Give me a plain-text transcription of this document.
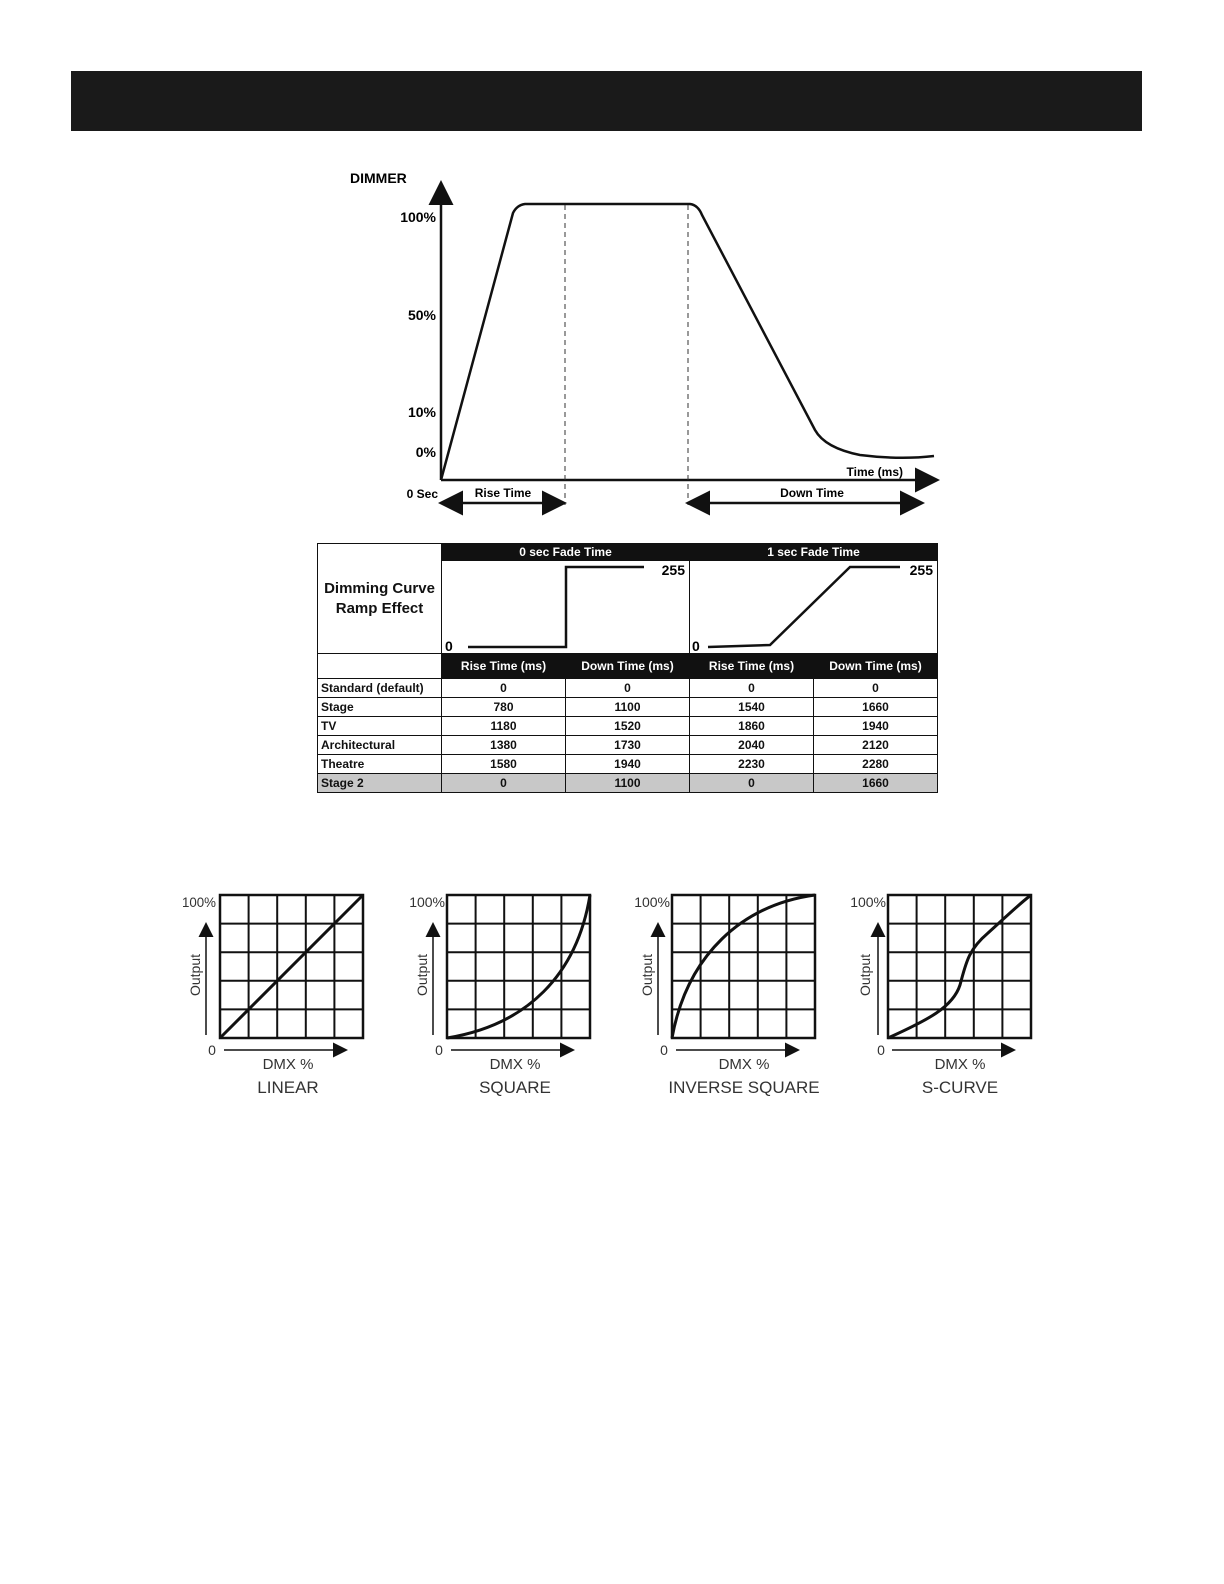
DIMMER
100%
50%
10%
0%
0 Sec
Time (ms)
Rise Time	Down Time
Dimming Curve
Ramp Effect	0 sec Fade Time		1 sec Fade Time	

0
255		0
255	

	Rise Time (ms)	Down Time (ms)	Rise Time (ms)	Down Time (ms)
Standard (default)	0	0	0	0
Stage	780	1100	1540	1660
TV	1180	1520	1860	1940
Architectural	1380	1730	2040	2120
Theatre	1580	1940	2230	2280
Stage 2	0	1100	0	1660
100%
Output
0
DMX %
LINEAR
100%
Output
0
DMX %
SQUARE
100%
Output
0
DMX %
INVERSE SQUARE
100%
Output
0
DMX %
S-CURVE
